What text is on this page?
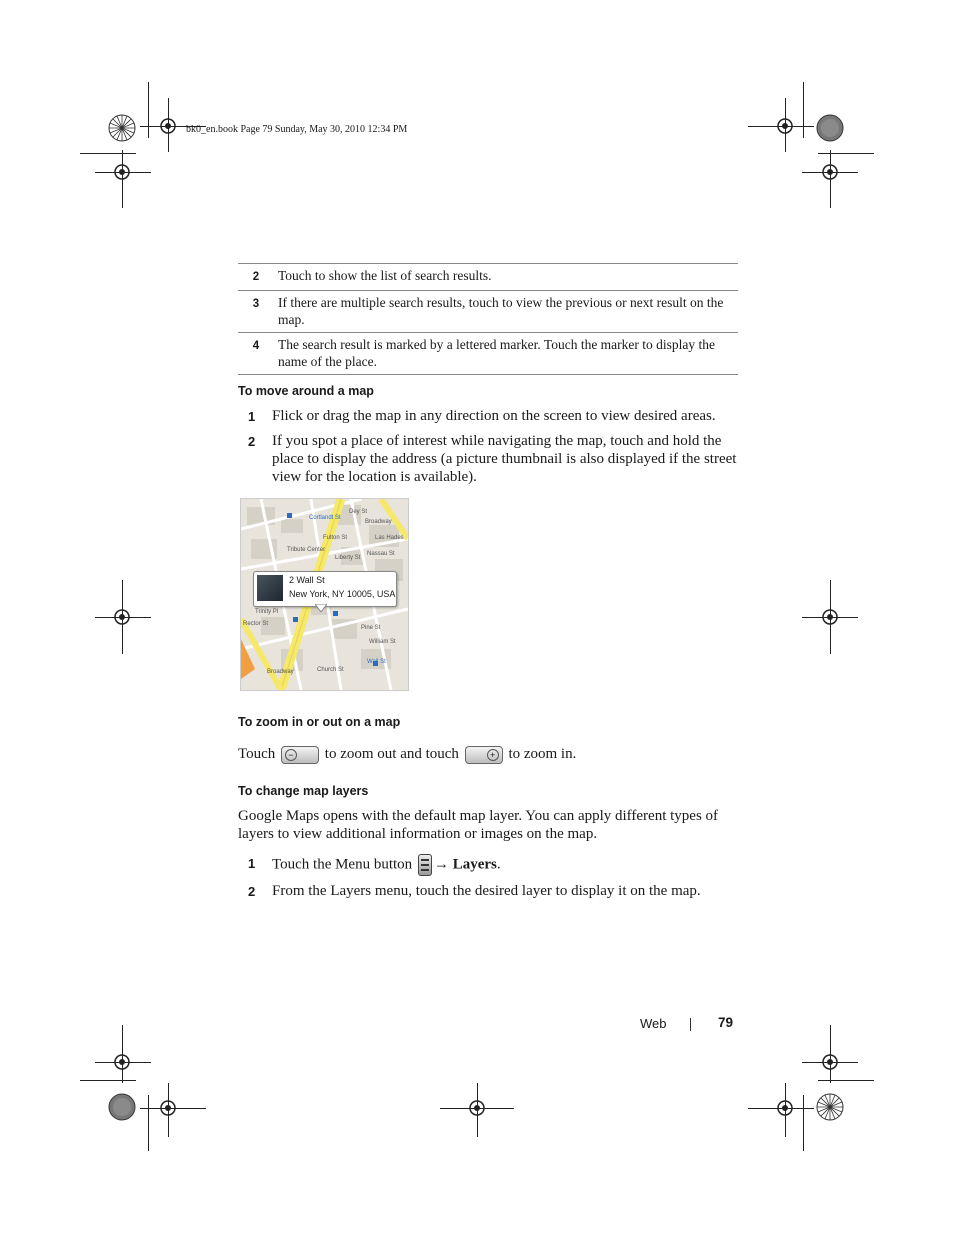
bk0_en.book Page 79 Sunday, May 30, 2010 12:34 PM
2	Touch to show the list of search results.
3	If there are multiple search results, touch to view the previous or next result on the map.
4	The search result is marked by a lettered marker. Touch the marker to display the name of the place.
To move around a map
1 Flick or drag the map in any direction on the screen to view desired areas.
2 If you spot a place of interest while navigating the map, touch and hold the place to display the address (a picture thumbnail is also displayed if the street view for the location is available).
Cortlandt St
Dey St
Fulton St
Broadway
Liberty St
Tribute Center
Nassau St
Pine St
William St
Wall St
Rector St
Trinity Pl
Broadway	Church St
Las Hades
2 Wall St
New York, NY 10005, USA
To zoom in or out on a map
Touch	− to zoom out and touch	+ to zoom in.
To change map layers
Google Maps opens with the default map layer. You can apply different types of layers to view additional information or images on the map.
1 Touch the Menu button → Layers.
2 From the Layers menu, touch the desired layer to display it on the map.
Web	79
